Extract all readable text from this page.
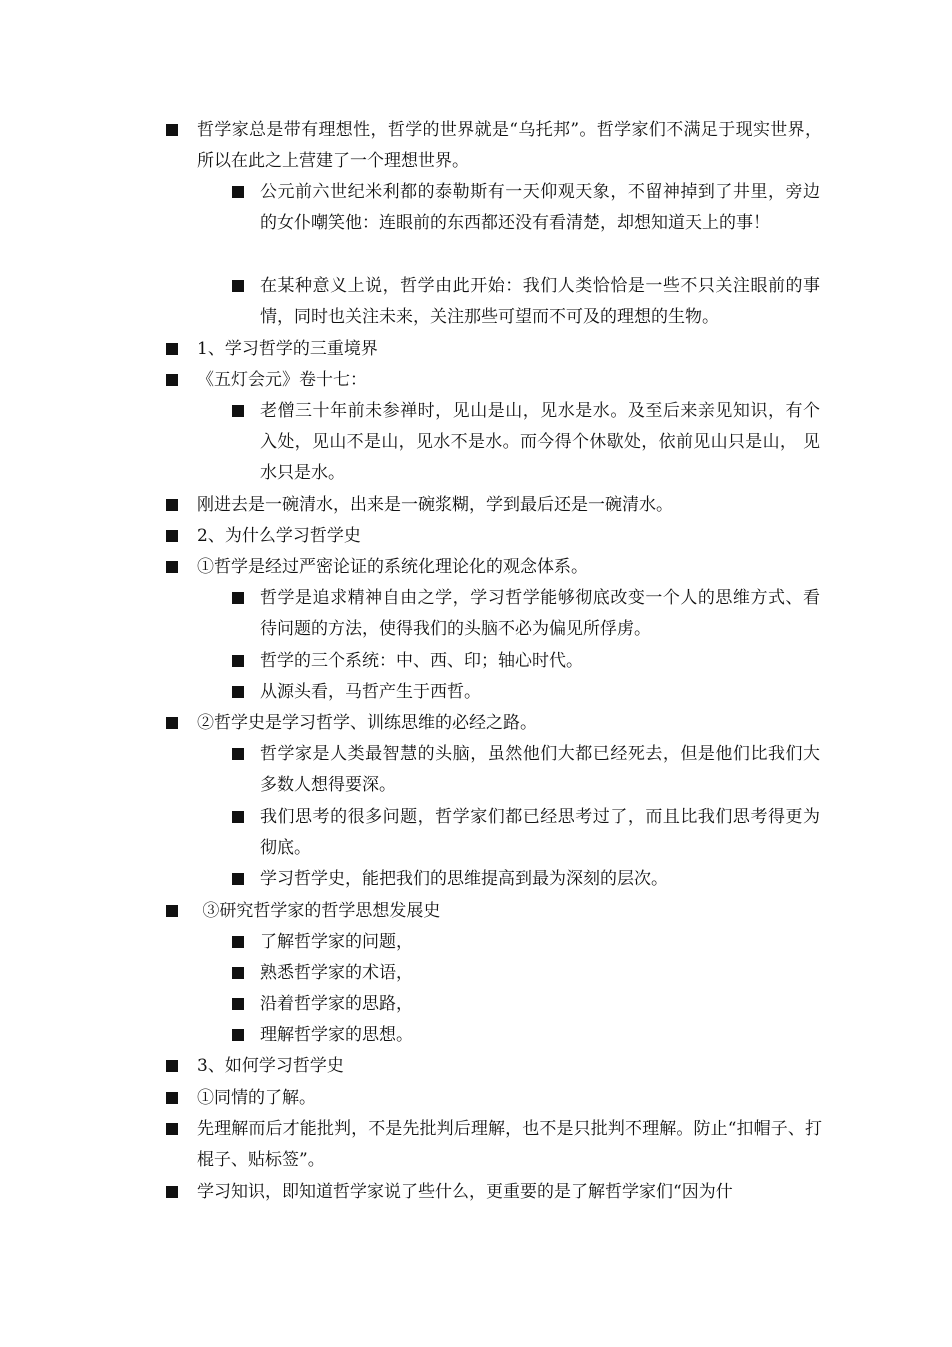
哲学家总是带有理想性，哲学的世界就是“乌托邦”。哲学家们不满足于现实世界，所以在此之上营建了一个理想世界。
公元前六世纪米利都的泰勒斯有一天仰观天象，不留神掉到了井里，旁边的女仆嘲笑他：连眼前的东西都还没有看清楚，却想知道天上的事！
在某种意义上说，哲学由此开始：我们人类恰恰是一些不只关注眼前的事情，同时也关注未来，关注那些可望而不可及的理想的生物。
1、学习哲学的三重境界
《五灯会元》卷十七：
老僧三十年前未参禅时，见山是山，见水是水。及至后来亲见知识，有个入处，见山不是山，见水不是水。而今得个休歇处，依前见山只是山， 见水只是水。
刚进去是一碗清水，出来是一碗浆糊，学到最后还是一碗清水。
2、为什么学习哲学史
①哲学是经过严密论证的系统化理论化的观念体系。
哲学是追求精神自由之学，学习哲学能够彻底改变一个人的思维方式、看待问题的方法，使得我们的头脑不必为偏见所俘虏。
哲学的三个系统：中、西、印；轴心时代。
从源头看，马哲产生于西哲。
②哲学史是学习哲学、训练思维的必经之路。
哲学家是人类最智慧的头脑，虽然他们大都已经死去，但是他们比我们大多数人想得要深。
我们思考的很多问题，哲学家们都已经思考过了，而且比我们思考得更为彻底。
学习哲学史，能把我们的思维提高到最为深刻的层次。
③研究哲学家的哲学思想发展史
了解哲学家的问题，
熟悉哲学家的术语，
沿着哲学家的思路，
理解哲学家的思想。
3、如何学习哲学史
①同情的了解。
先理解而后才能批判，不是先批判后理解，也不是只批判不理解。防止“扣帽子、打棍子、贴标签”。
学习知识，即知道哲学家说了些什么，更重要的是了解哲学家们“因为什
